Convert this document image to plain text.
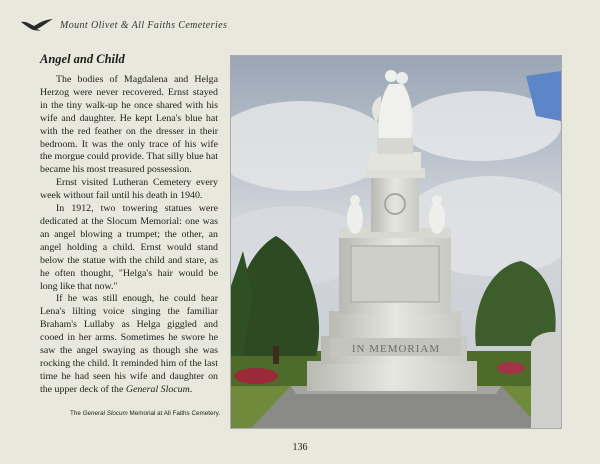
Mount Olivet & All Faiths Cemeteries
Angel and Child

The bodies of Magdalena and Helga Herzog were never recovered. Ernst stayed in the tiny walk-up he once shared with his wife and daughter. He kept Lena's blue hat with the red feather on the dresser in their bedroom. It was the only trace of his wife the morgue could provide. That silly blue hat became his most treasured possession.

Ernst visited Lutheran Cemetery every week without fail until his death in 1940.

In 1912, two towering statues were dedicated at the Slocum Memorial: one was an angel blowing a trumpet; the other, an angel holding a child. Ernst would stand below the statue with the child and stare, as he often thought, "Helga's hair would be long like that now."

If he was still enough, he could hear Lena's lilting voice singing the familiar Braham's Lullaby as Helga giggled and cooed in her arms. Sometimes he swore he saw the angel swaying as though she was rocking the child. It reminded him of the last time he had seen his wife and daughter on the upper deck of the General Slocum.

The General Slocum Memorial at All Faiths Cemetery.
IN MEMORIAM
136
